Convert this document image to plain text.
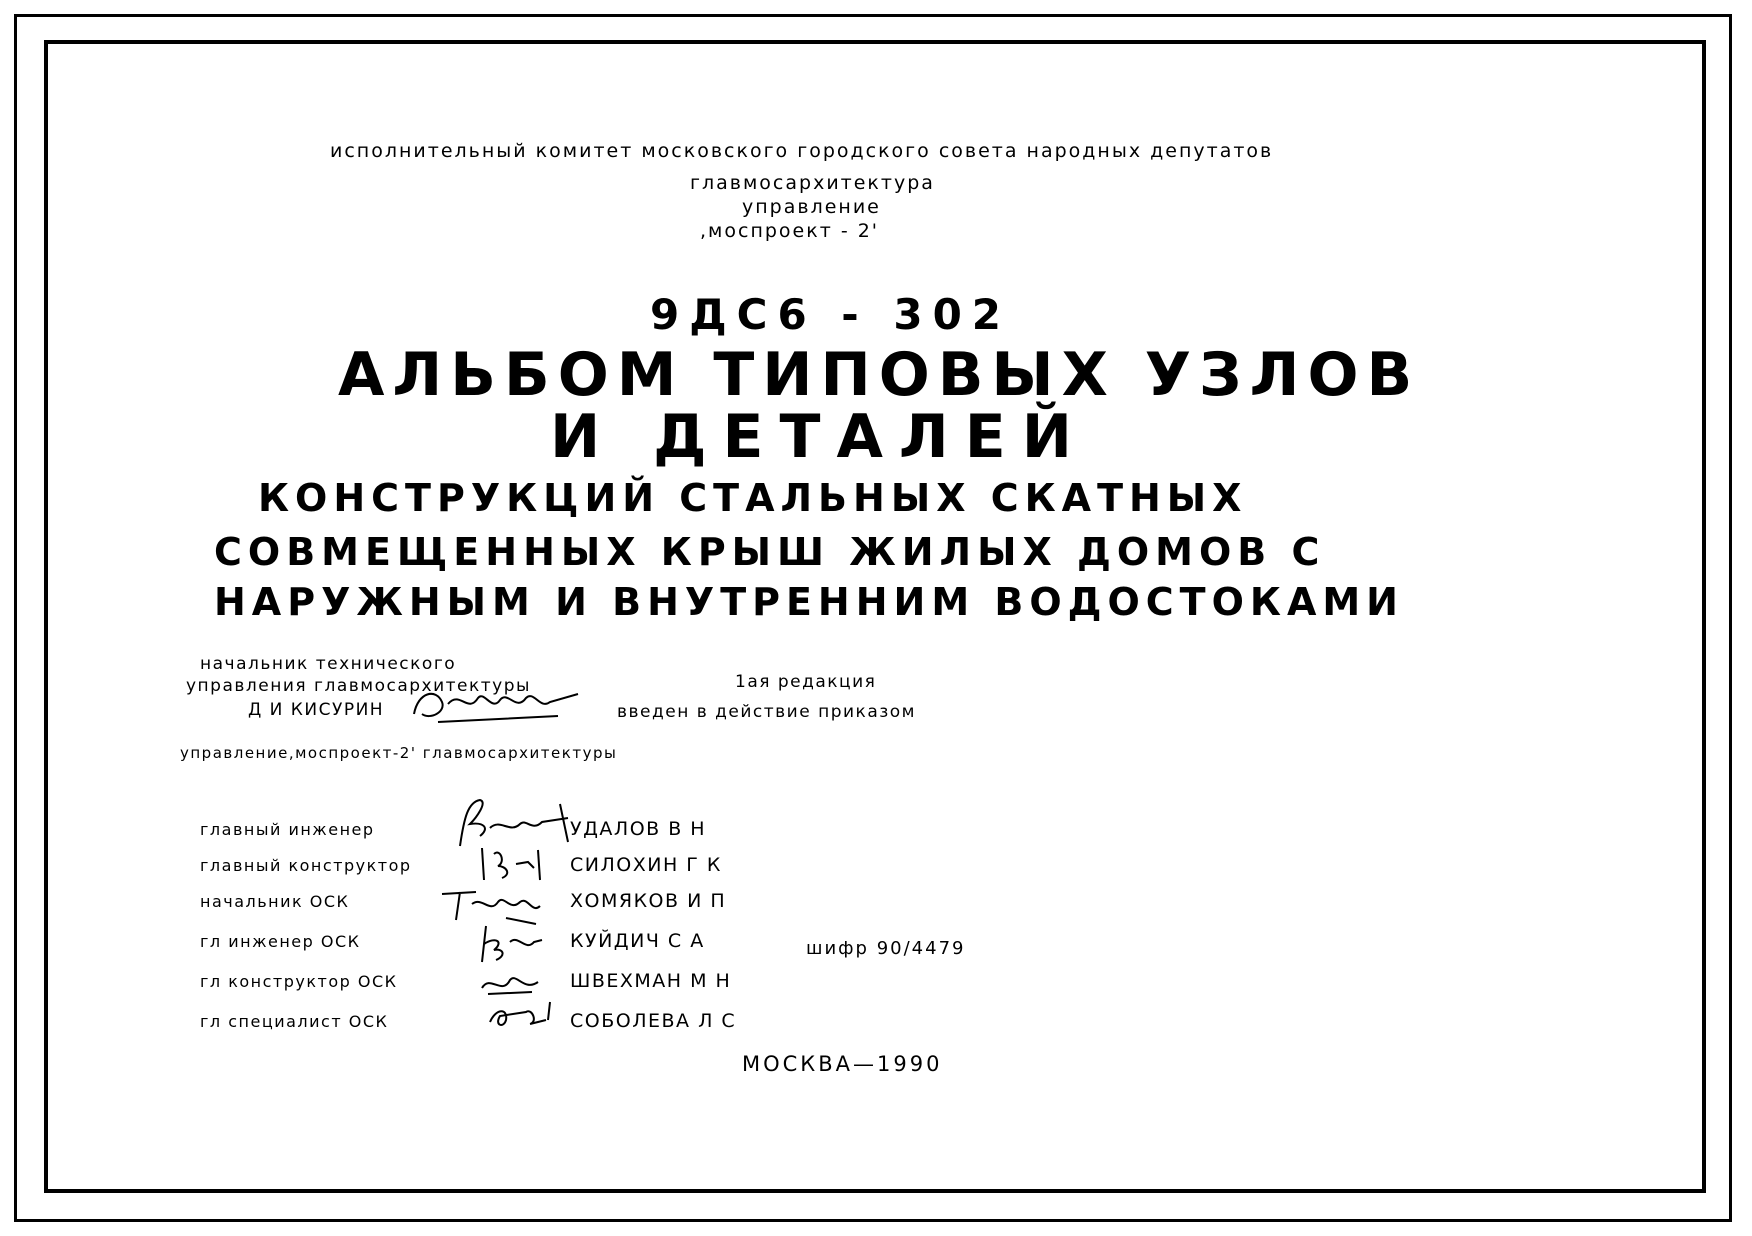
исполнительный комитет московского городского совета народных депутатов
главмосархитектура
управление
,моспроект - 2'
9ДС6 - 302
АЛЬБОМ ТИПОВЫХ УЗЛОВ
И ДЕТАЛЕЙ
КОНСТРУКЦИЙ СТАЛЬНЫХ СКАТНЫХ
СОВМЕЩЕННЫХ КРЫШ ЖИЛЫХ ДОМОВ С
НАРУЖНЫМ И ВНУТРЕННИМ ВОДОСТОКАМИ
начальник технического
управления главмосархитектуры
Д И КИСУРИН
1ая редакция
введен в действие приказом
управление,моспроект-2' главмосархитектуры
главный инженер	УДАЛОВ В Н
главный конструктор	СИЛОХИН Г К
начальник ОСК	ХОМЯКОВ И П
гл инженер ОСК	КУЙДИЧ С А
гл конструктор ОСК	ШВЕХМАН М Н
гл специалист ОСК	СОБОЛЕВА Л С
шифр 90/4479
МОСКВА—1990
